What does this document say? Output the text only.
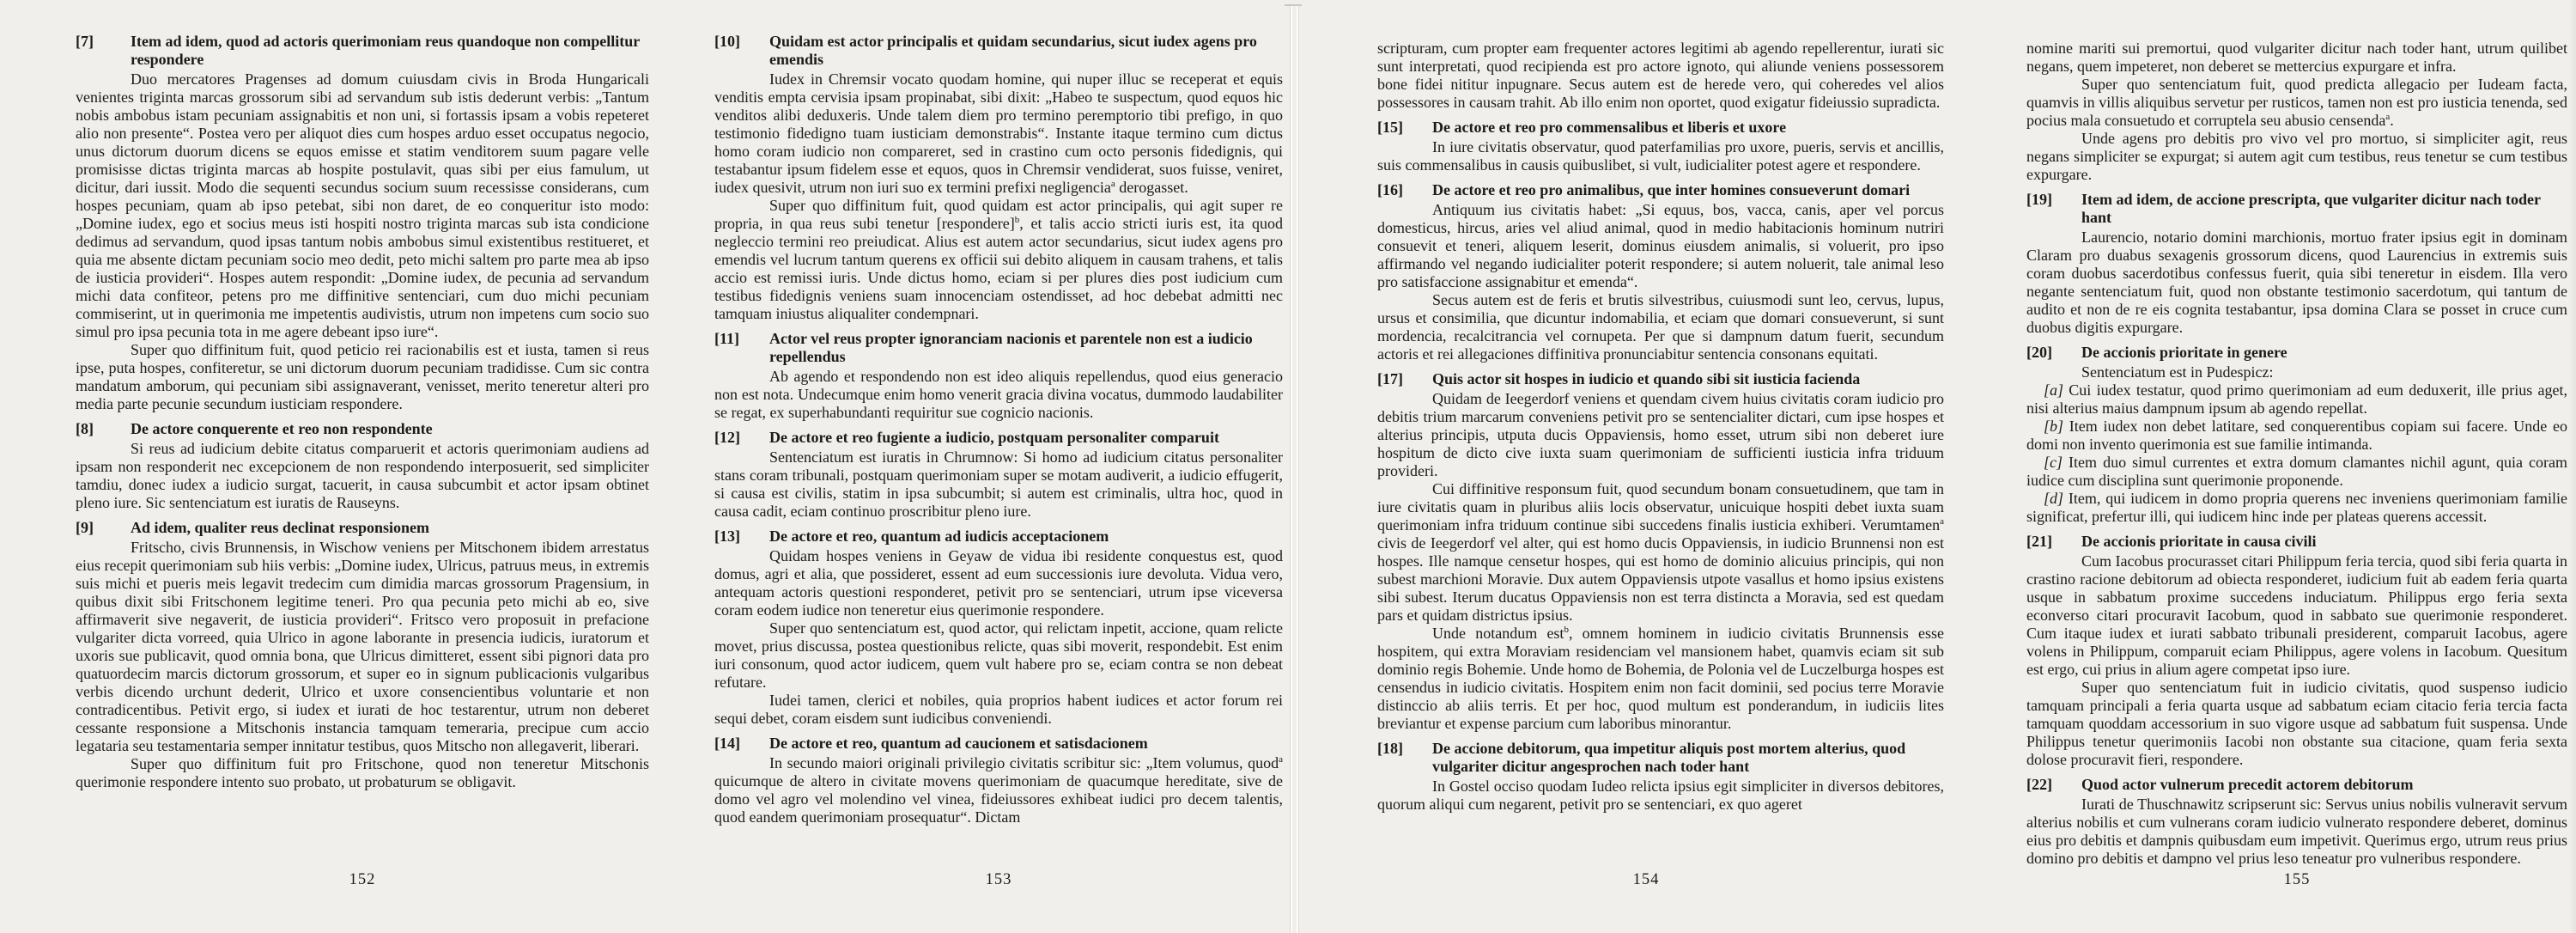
[7] Item ad idem, quod ad actoris querimoniam reus quandoque non compellitur respondere

Duo mercatores Pragenses ad domum cuiusdam civis in Broda Hungaricali venientes triginta marcas grossorum sibi ad servandum sub istis dederunt verbis: „Tantum nobis ambobus istam pecuniam assignabitis et non uni, si fortassis ipsam a vobis repeteret alio non presente“. Postea vero per aliquot dies cum hospes arduo esset occupatus negocio, unus dictorum duorum dicens se equos emisse et statim venditorem suum pagare velle promisisse dictas triginta marcas ab hospite postulavit, quas sibi per eius famulum, ut dicitur, dari iussit. Modo die sequenti secundus socium suum recessisse considerans, cum hospes pecuniam, quam ab ipso petebat, sibi non daret, de eo conqueritur isto modo: „Domine iudex, ego et socius meus isti hospiti nostro triginta marcas sub ista condicione dedimus ad servandum, quod ipsas tantum nobis ambobus simul existentibus restitueret, et quia me absente dictam pecuniam socio meo dedit, peto michi saltem pro parte mea ab ipso de iusticia provideri“. Hospes autem respondit: „Domine iudex, de pecunia ad servandum michi data confiteor, petens pro me diffinitive sentenciari, cum duo michi pecuniam commiserint, ut in querimonia me impetentis audivistis, utrum non impetens cum socio suo simul pro ipsa pecunia tota in me agere debeant ipso iure“.

Super quo diffinitum fuit, quod peticio rei racionabilis est et iusta, tamen si reus ipse, puta hospes, confiteretur, se uni dictorum duorum pecuniam tradidisse. Cum sic contra mandatum amborum, qui pecuniam sibi assignaverant, venisset, merito teneretur alteri pro media parte pecunie secundum iusticiam respondere.

[8] De actore conquerente et reo non respondente

Si reus ad iudicium debite citatus comparuerit et actoris querimoniam audiens ad ipsam non responderit nec excepcionem de non respondendo interposuerit, sed simpliciter tamdiu, donec iudex a iudicio surgat, tacuerit, in causa subcumbit et actor ipsam obtinet pleno iure. Sic sentenciatum est iuratis de Rauseyns.

[9] Ad idem, qualiter reus declinat responsionem

Fritscho, civis Brunnensis, in Wischow veniens per Mitschonem ibidem arrestatus eius recepit querimoniam sub hiis verbis: „Domine iudex, Ulricus, patruus meus, in extremis suis michi et pueris meis legavit tredecim cum dimidia marcas grossorum Pragensium, in quibus dixit sibi Fritschonem legitime teneri. Pro qua pecunia peto michi ab eo, sive affirmaverit sive negaverit, de iusticia provideri“. Fritsco vero proposuit in prefacione vulgariter dicta vorreed, quia Ulrico in agone laborante in presencia iudicis, iuratorum et uxoris sue publicavit, quod omnia bona, que Ulricus dimitteret, essent sibi pignori data pro quatuordecim marcis dictorum grossorum, et super eo in signum publicacionis vulgaribus verbis dicendo urchunt dederit, Ulrico et uxore consencientibus voluntarie et non contradicentibus. Petivit ergo, si iudex et iurati de hoc testarentur, utrum non deberet cessante responsione a Mitschonis instancia tamquam temeraria, precipue cum accio legataria seu testamentaria semper innitatur testibus, quos Mitscho non allegaverit, liberari.

Super quo diffinitum fuit pro Fritschone, quod non teneretur Mitschonis querimonie respondere intento suo probato, ut probaturum se obligavit.

[10] Quidam est actor principalis et quidam secundarius, sicut iudex agens pro emendis

Iudex in Chremsir vocato quodam homine, qui nuper illuc se receperat et equis venditis empta cervisia ipsam propinabat, sibi dixit: „Habeo te suspectum, quod equos hic venditos alibi deduxeris. Unde talem diem pro termino peremptorio tibi prefigo, in quo testimonio fidedigno tuam iusticiam demonstrabis“. Instante itaque termino cum dictus homo coram iudicio non compareret, sed in crastino cum octo personis fidedignis, qui testabantur ipsum fidelem esse et equos, quos in Chremsir vendiderat, suos fuisse, veniret, iudex quesivit, utrum non iuri suo ex termini prefixi negligencia$^a$ derogasset.

Super quo diffinitum fuit, quod quidam est actor principalis, qui agit super re propria, in qua reus subi tenetur [respondere]$^b$, et talis accio stricti iuris est, ita quod negleccio termini reo preiudicat. Alius est autem actor secundarius, sicut iudex agens pro emendis vel lucrum tantum querens ex officii sui debito aliquem in causam trahens, et talis accio est remissi iuris. Unde dictus homo, eciam si per plures dies post iudicium cum testibus fidedignis veniens suam innocenciam ostendisset, ad hoc debebat admitti nec tamquam iniustus aliqualiter condempnari.

[11] Actor vel reus propter ignoranciam nacionis et parentele non est a iudicio repellendus

Ab agendo et respondendo non est ideo aliquis repellendus, quod eius generacio non est nota. Undecumque enim homo venerit gracia divina vocatus, dummodo laudabiliter se regat, ex superhabundanti requiritur sue cognicio nacionis.

[12] De actore et reo fugiente a iudicio, postquam personaliter comparuit

Sentenciatum est iuratis in Chrumnow: Si homo ad iudicium citatus personaliter stans coram tribunali, postquam querimoniam super se motam audiverit, a iudicio effugerit, si causa est civilis, statim in ipsa subcumbit; si autem est criminalis, ultra hoc, quod in causa cadit, eciam continuo proscribitur pleno iure.

[13] De actore et reo, quantum ad iudicis acceptacionem

Quidam hospes veniens in Geyaw de vidua ibi residente conquestus est, quod domus, agri et alia, que possideret, essent ad eum successionis iure devoluta. Vidua vero, antequam actoris questioni responderet, petivit pro se sentenciari, utrum ipse viceversa coram eodem iudice non teneretur eius querimonie respondere.

Super quo sentenciatum est, quod actor, qui relictam inpetit, accione, quam relicte movet, prius discussa, postea questionibus relicte, quas sibi moverit, respondebit. Est enim iuri consonum, quod actor iudicem, quem vult habere pro se, eciam contra se non debeat refutare.

Iudei tamen, clerici et nobiles, quia proprios habent iudices et actor forum rei sequi debet, coram eisdem sunt iudicibus conveniendi.

[14] De actore et reo, quantum ad caucionem et satisdacionem

In secundo maiori originali privilegio civitatis scribitur sic: „Item volumus, quod$^a$ quicumque de altero in civitate movens querimoniam de quacumque hereditate, sive de domo vel agro vel molendino vel vinea, fideiussores exhibeat iudici pro decem talentis, quod eandem querimoniam prosequatur“. Dictam

scripturam, cum propter eam frequenter actores legitimi ab agendo repellerentur, iurati sic sunt interpretati, quod recipienda est pro actore ignoto, qui aliunde veniens possessorem bone fidei nititur inpugnare. Secus autem est de herede vero, qui coheredes vel alios possessores in causam trahit. Ab illo enim non oportet, quod exigatur fideiussio supradicta.

[15] De actore et reo pro commensalibus et liberis et uxore

In iure civitatis observatur, quod paterfamilias pro uxore, pueris, servis et ancillis, suis commensalibus in causis quibuslibet, si vult, iudicialiter potest agere et respondere.

[16] De actore et reo pro animalibus, que inter homines consueverunt domari

Antiquum ius civitatis habet: „Si equus, bos, vacca, canis, aper vel porcus domesticus, hircus, aries vel aliud animal, quod in medio habitacionis hominum nutriri consuevit et teneri, aliquem leserit, dominus eiusdem animalis, si voluerit, pro ipso affirmando vel negando iudicialiter poterit respondere; si autem noluerit, tale animal leso pro satisfaccione assignabitur et emenda“.

Secus autem est de feris et brutis silvestribus, cuiusmodi sunt leo, cervus, lupus, ursus et consimilia, que dicuntur indomabilia, et eciam que domari consueverunt, si sunt mordencia, recalcitrancia vel cornupeta. Per que si dampnum datum fuerit, secundum actoris et rei allegaciones diffinitiva pronunciabitur sentencia consonans equitati.

[17] Quis actor sit hospes in iudicio et quando sibi sit iusticia facienda

Quidam de Ieegerdorf veniens et quendam civem huius civitatis coram iudicio pro debitis trium marcarum conveniens petivit pro se sentencialiter dictari, cum ipse hospes et alterius principis, utputa ducis Oppaviensis, homo esset, utrum sibi non deberet iure hospitum de dicto cive iuxta suam querimoniam de sufficienti iusticia infra triduum provideri.

Cui diffinitive responsum fuit, quod secundum bonam consuetudinem, que tam in iure civitatis quam in pluribus aliis locis observatur, unicuique hospiti debet iuxta suam querimoniam infra triduum continue sibi succedens finalis iusticia exhiberi. Verumtamen$^a$ civis de Ieegerdorf vel alter, qui est homo ducis Oppaviensis, in iudicio Brunnensi non est hospes. Ille namque censetur hospes, qui est homo de dominio alicuius principis, qui non subest marchioni Moravie. Dux autem Oppaviensis utpote vasallus et homo ipsius existens sibi subest. Iterum ducatus Oppaviensis non est terra distincta a Moravia, sed est quedam pars et quidam districtus ipsius.

Unde notandum est$^b$, omnem hominem in iudicio civitatis Brunnensis esse hospitem, qui extra Moraviam residenciam vel mansionem habet, quamvis eciam sit sub dominio regis Bohemie. Unde homo de Bohemia, de Polonia vel de Luczelburga hospes est censendus in iudicio civitatis. Hospitem enim non facit dominii, sed pocius terre Moravie distinccio ab aliis terris. Et per hoc, quod multum est ponderandum, in iudiciis lites breviantur et expense parcium cum laboribus minorantur.

[18] De accione debitorum, qua impetitur aliquis post mortem alterius, quod vulgariter dicitur angesprochen nach toder hant

In Gostel occiso quodam Iudeo relicta ipsius egit simpliciter in diversos debitores, quorum aliqui cum negarent, petivit pro se sentenciari, ex quo ageret

nomine mariti sui premortui, quod vulgariter dicitur nach toder hant, utrum quilibet negans, quem impeteret, non deberet se mettercius expurgare et infra.

Super quo sentenciatum fuit, quod predicta allegacio per Iudeam facta, quamvis in villis aliquibus servetur per rusticos, tamen non est pro iusticia tenenda, sed pocius mala consuetudo et corruptela seu abusio censenda$^a$.

Unde agens pro debitis pro vivo vel pro mortuo, si simpliciter agit, reus negans simpliciter se expurgat; si autem agit cum testibus, reus tenetur se cum testibus expurgare.

[19] Item ad idem, de accione prescripta, que vulgariter dicitur nach toder hant

Laurencio, notario domini marchionis, mortuo frater ipsius egit in dominam Claram pro duabus sexagenis grossorum dicens, quod Laurencius in extremis suis coram duobus sacerdotibus confessus fuerit, quia sibi teneretur in eisdem. Illa vero negante sentenciatum fuit, quod non obstante testimonio sacerdotum, qui tantum de audito et non de re eis cognita testabantur, ipsa domina Clara se posset in cruce cum duobus digitis expurgare.

[20] De accionis prioritate in genere

Sentenciatum est in Pudespicz:

[a] Cui iudex testatur, quod primo querimoniam ad eum deduxerit, ille prius aget, nisi alterius maius dampnum ipsum ab agendo repellat.

[b] Item iudex non debet latitare, sed conquerentibus copiam sui facere. Unde eo domi non invento querimonia est sue familie intimanda.

[c] Item duo simul currentes et extra domum clamantes nichil agunt, quia coram iudice cum disciplina sunt querimonie proponende.

[d] Item, qui iudicem in domo propria querens nec inveniens querimoniam familie significat, prefertur illi, qui iudicem hinc inde per plateas querens accessit.

[21] De accionis prioritate in causa civili

Cum Iacobus procurasset citari Philippum feria tercia, quod sibi feria quarta in crastino racione debitorum ad obiecta responderet, iudicium fuit ab eadem feria quarta usque in sabbatum proxime succedens induciatum. Philippus ergo feria sexta econverso citari procuravit Iacobum, quod in sabbato sue querimonie responderet. Cum itaque iudex et iurati sabbato tribunali presiderent, comparuit Iacobus, agere volens in Philippum, comparuit eciam Philippus, agere volens in Iacobum. Quesitum est ergo, cui prius in alium agere competat ipso iure.

Super quo sentenciatum fuit in iudicio civitatis, quod suspenso iudicio tamquam principali a feria quarta usque ad sabbatum eciam citacio feria tercia facta tamquam quoddam accessorium in suo vigore usque ad sabbatum fuit suspensa. Unde Philippus tenetur querimoniis Iacobi non obstante sua citacione, quam feria sexta dolose procuravit fieri, respondere.

[22] Quod actor vulnerum precedit actorem debitorum

Iurati de Thuschnawitz scripserunt sic: Servus unius nobilis vulneravit servum alterius nobilis et cum vulnerans coram iudicio vulnerato respondere deberet, dominus eius pro debitis et dampnis quibusdam eum impetivit. Querimus ergo, utrum reus prius domino pro debitis et dampno vel prius leso teneatur pro vulneribus respondere.

152	153	154	155
